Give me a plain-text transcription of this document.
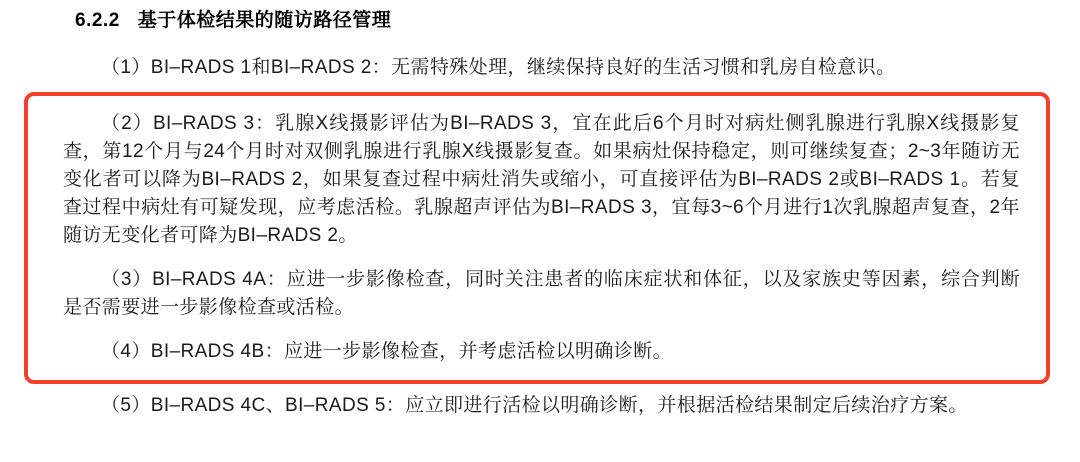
6.2.2 基于体检结果的随访路径管理

（1）BI–RADS 1和BI–RADS 2：无需特殊处理，继续保持良好的生活习惯和乳房自检意识。

（2）BI–RADS 3：乳腺X线摄影评估为BI–RADS 3，宜在此后6个月时对病灶侧乳腺进行乳腺X线摄影复查，第12个月与24个月时对双侧乳腺进行乳腺X线摄影复查。如果病灶保持稳定，则可继续复查；2~3年随访无变化者可以降为BI–RADS 2，如果复查过程中病灶消失或缩小，可直接评估为BI–RADS 2或BI–RADS 1。若复查过程中病灶有可疑发现，应考虑活检。乳腺超声评估为BI–RADS 3，宜每3~6个月进行1次乳腺超声复查，2年随访无变化者可降为BI–RADS 2。

（3）BI–RADS 4A：应进一步影像检查，同时关注患者的临床症状和体征，以及家族史等因素，综合判断是否需要进一步影像检查或活检。

（4）BI–RADS 4B：应进一步影像检查，并考虑活检以明确诊断。

（5）BI–RADS 4C、BI–RADS 5：应立即进行活检以明确诊断，并根据活检结果制定后续治疗方案。
